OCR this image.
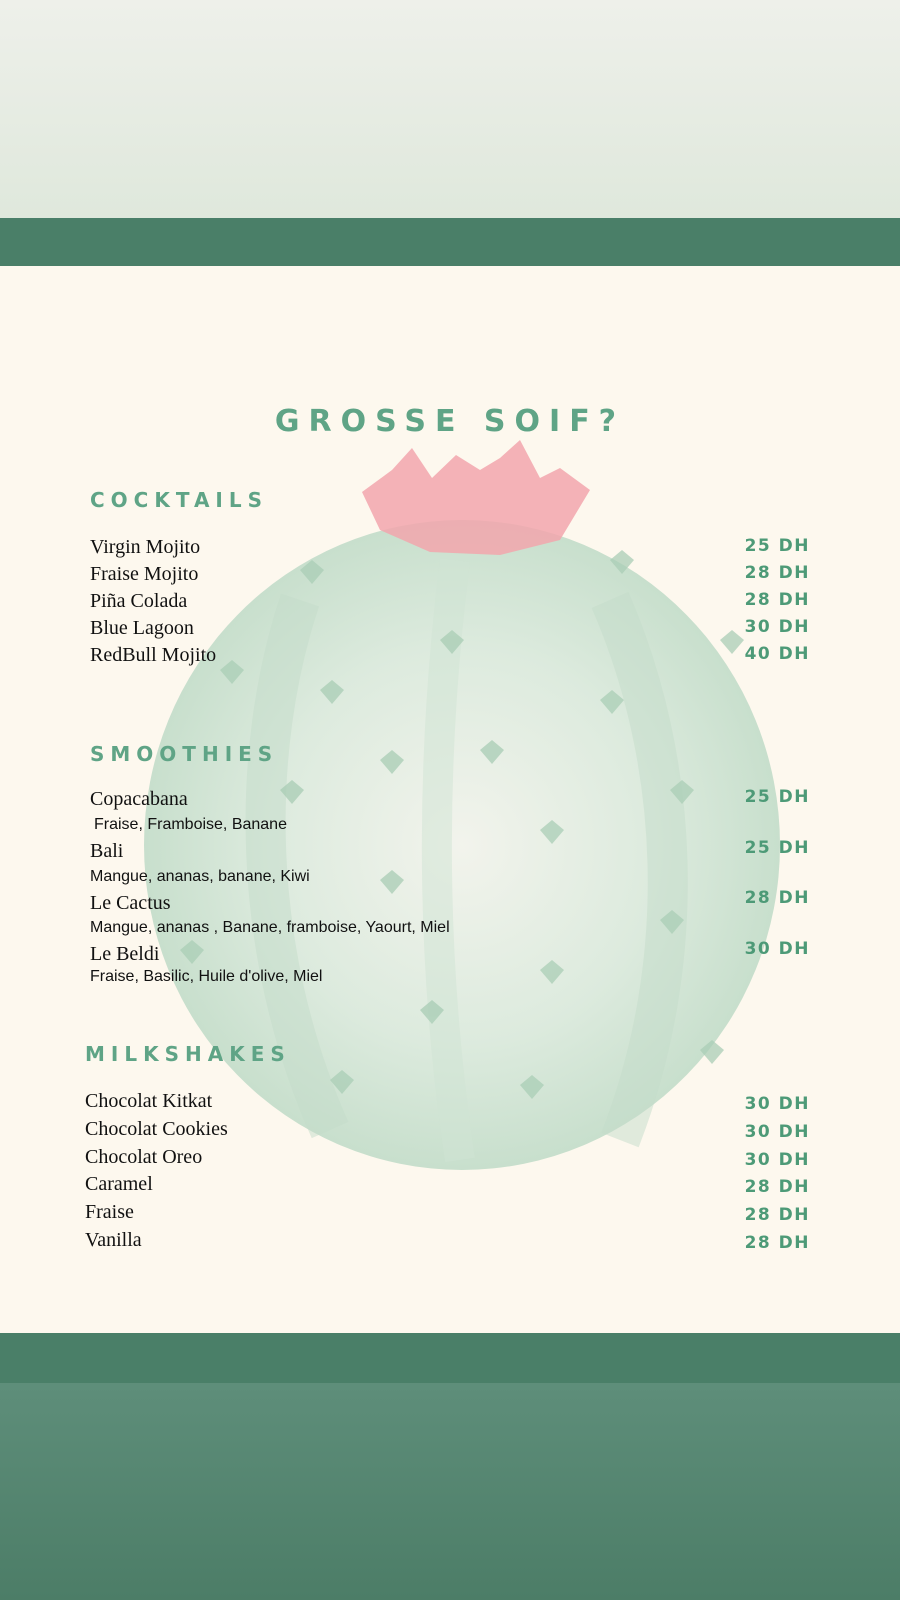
GROSSE SOIF?
COCKTAILS
Virgin Mojito	25 DH
Fraise Mojito	28 DH
Piña Colada	28 DH
Blue Lagoon	30 DH
RedBull Mojito	40 DH
SMOOTHIES
Copacabana	25 DH
Fraise, Framboise, Banane
Bali	25 DH
Mangue, ananas, banane, Kiwi
Le Cactus	28 DH
Mangue, ananas , Banane, framboise, Yaourt, Miel
Le Beldi	30 DH
Fraise, Basilic, Huile d'olive, Miel
MILKSHAKES
Chocolat Kitkat	30 DH
Chocolat Cookies	30 DH
Chocolat Oreo	30 DH
Caramel	28 DH
Fraise	28 DH
Vanilla	28 DH
